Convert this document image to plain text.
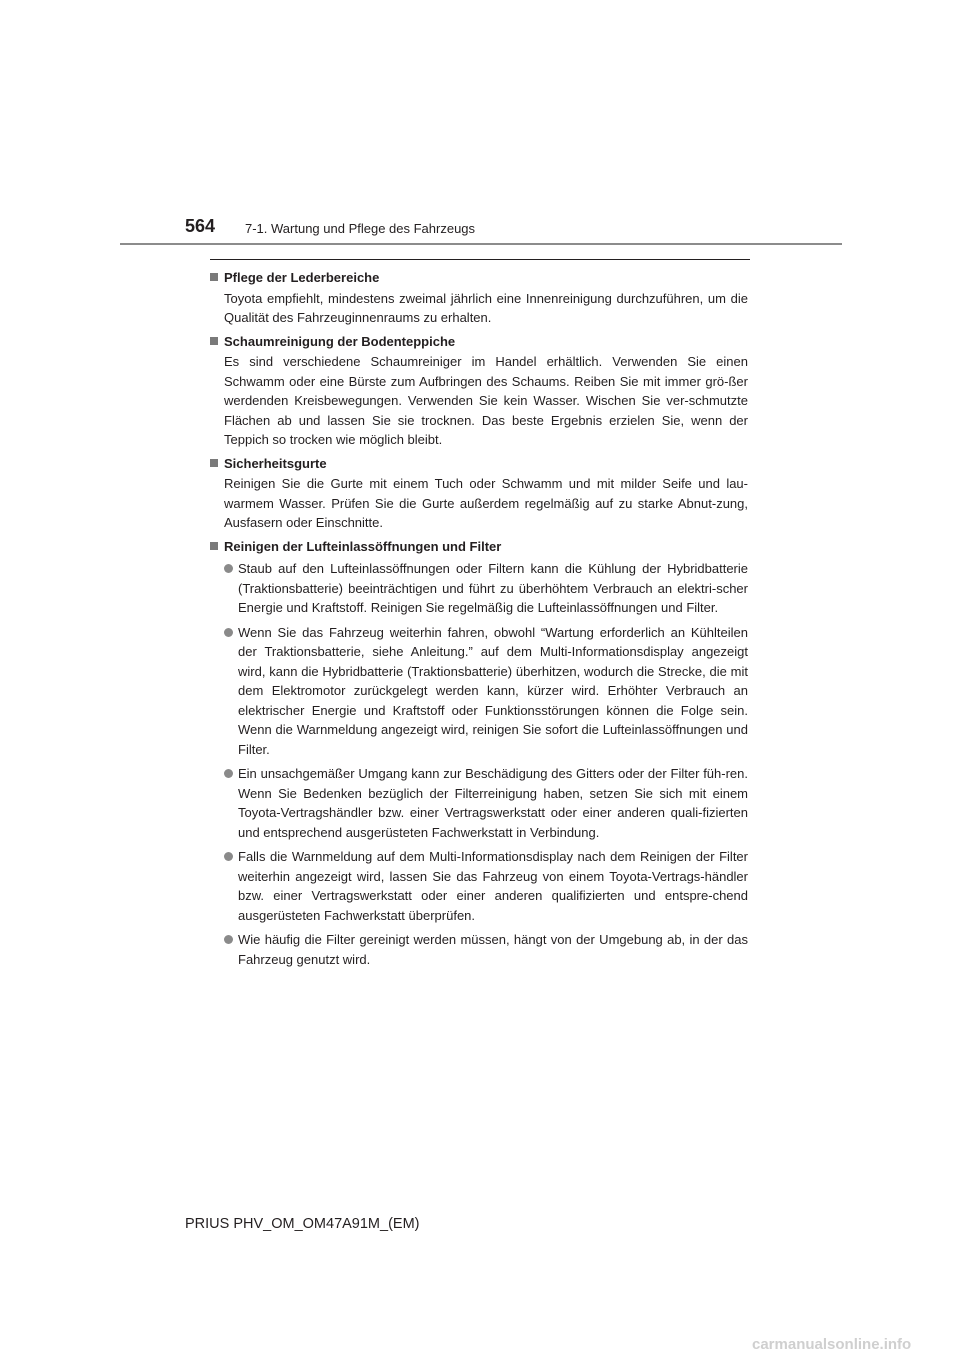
564 7-1. Wartung und Pflege des Fahrzeugs
Pflege der Lederbereiche
Toyota empfiehlt, mindestens zweimal jährlich eine Innenreinigung durchzuführen, um die Qualität des Fahrzeuginnenraums zu erhalten.
Schaumreinigung der Bodenteppiche
Es sind verschiedene Schaumreiniger im Handel erhältlich. Verwenden Sie einen Schwamm oder eine Bürste zum Aufbringen des Schaums. Reiben Sie mit immer grö-ßer werdenden Kreisbewegungen. Verwenden Sie kein Wasser. Wischen Sie ver-schmutzte Flächen ab und lassen Sie sie trocknen. Das beste Ergebnis erzielen Sie, wenn der Teppich so trocken wie möglich bleibt.
Sicherheitsgurte
Reinigen Sie die Gurte mit einem Tuch oder Schwamm und mit milder Seife und lau-warmem Wasser. Prüfen Sie die Gurte außerdem regelmäßig auf zu starke Abnut-zung, Ausfasern oder Einschnitte.
Reinigen der Lufteinlassöffnungen und Filter
Staub auf den Lufteinlassöffnungen oder Filtern kann die Kühlung der Hybridbatterie (Traktionsbatterie) beeinträchtigen und führt zu überhöhtem Verbrauch an elektri-scher Energie und Kraftstoff. Reinigen Sie regelmäßig die Lufteinlassöffnungen und Filter.
Wenn Sie das Fahrzeug weiterhin fahren, obwohl “Wartung erforderlich an Kühlteilen der Traktionsbatterie, siehe Anleitung.” auf dem Multi-Informationsdisplay angezeigt wird, kann die Hybridbatterie (Traktionsbatterie) überhitzen, wodurch die Strecke, die mit dem Elektromotor zurückgelegt werden kann, kürzer wird. Erhöhter Verbrauch an elektrischer Energie und Kraftstoff oder Funktionsstörungen können die Folge sein. Wenn die Warnmeldung angezeigt wird, reinigen Sie sofort die Lufteinlassöffnungen und Filter.
Ein unsachgemäßer Umgang kann zur Beschädigung des Gitters oder der Filter füh-ren. Wenn Sie Bedenken bezüglich der Filterreinigung haben, setzen Sie sich mit einem Toyota-Vertragshändler bzw. einer Vertragswerkstatt oder einer anderen quali-fizierten und entsprechend ausgerüsteten Fachwerkstatt in Verbindung.
Falls die Warnmeldung auf dem Multi-Informationsdisplay nach dem Reinigen der Filter weiterhin angezeigt wird, lassen Sie das Fahrzeug von einem Toyota-Vertrags-händler bzw. einer Vertragswerkstatt oder einer anderen qualifizierten und entspre-chend ausgerüsteten Fachwerkstatt überprüfen.
Wie häufig die Filter gereinigt werden müssen, hängt von der Umgebung ab, in der das Fahrzeug genutzt wird.
PRIUS PHV_OM_OM47A91M_(EM)
carmanualsonline.info
